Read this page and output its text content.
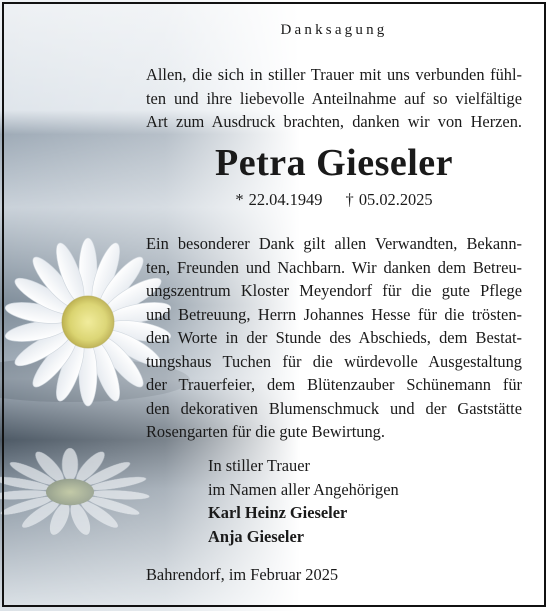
Danksagung
Allen, die sich in stiller Trauer mit uns verbunden fühl-
ten und ihre liebevolle Anteilnahme auf so vielfältige
Art zum Ausdruck brachten, danken wir von Herzen.
Petra Gieseler
* 22.04.1949 † 05.02.2025
Ein besonderer Dank gilt allen Verwandten, Bekann-
ten, Freunden und Nachbarn. Wir danken dem Betreu-
ungszentrum Kloster Meyendorf für die gute Pflege
und Betreuung, Herrn Johannes Hesse für die trösten-
den Worte in der Stunde des Abschieds, dem Bestat-
tungshaus Tuchen für die würdevolle Ausgestaltung
der Trauerfeier, dem Blütenzauber Schünemann für
den dekorativen Blumenschmuck und der Gaststätte
Rosengarten für die gute Bewirtung.
In stiller Trauer
im Namen aller Angehörigen
Karl Heinz Gieseler
Anja Gieseler
Bahrendorf, im Februar 2025
